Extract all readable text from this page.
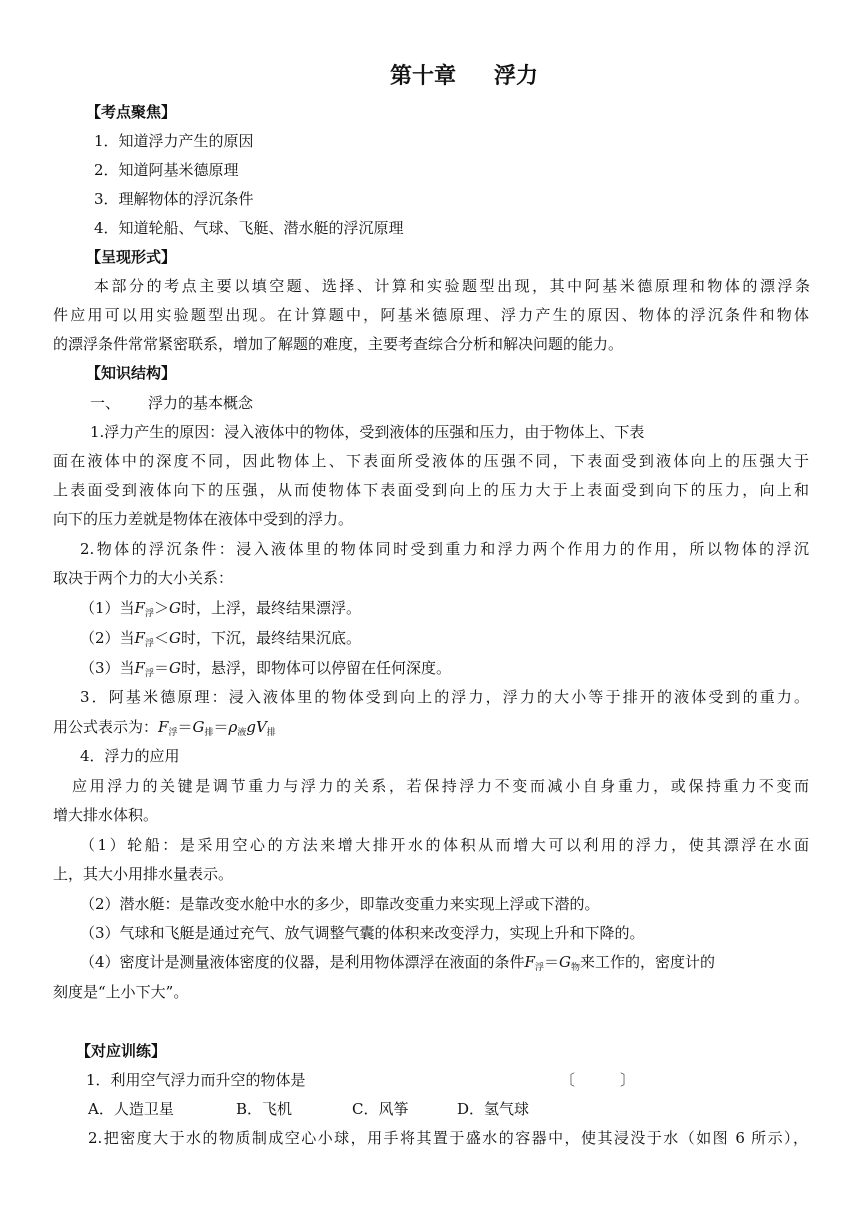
第十章 浮力
【考点聚焦】
1．知道浮力产生的原因
2．知道阿基米德原理
3．理解物体的浮沉条件
4．知道轮船、气球、飞艇、潜水艇的浮沉原理
【呈现形式】
本部分的考点主要以填空题、选择、计算和实验题型出现，其中阿基米德原理和物体的漂浮条
件应用可以用实验题型出现。在计算题中，阿基米德原理、浮力产生的原因、物体的浮沉条件和物体
的漂浮条件常常紧密联系，增加了解题的难度，主要考查综合分析和解决问题的能力。
【知识结构】
一、 浮力的基本概念
1.浮力产生的原因：浸入液体中的物体，受到液体的压强和压力，由于物体上、下表
面在液体中的深度不同，因此物体上、下表面所受液体的压强不同，下表面受到液体向上的压强大于
上表面受到液体向下的压强，从而使物体下表面受到向上的压力大于上表面受到向下的压力，向上和
向下的压力差就是物体在液体中受到的浮力。
2.物体的浮沉条件：浸入液体里的物体同时受到重力和浮力两个作用力的作用，所以物体的浮沉
取决于两个力的大小关系：
（1）当$F_浮>G$时，上浮，最终结果漂浮。
（2）当$F_浮<G$时，下沉，最终结果沉底。
（3）当$F_浮=G$时，悬浮，即物体可以停留在任何深度。
3．阿基米德原理：浸入液体里的物体受到向上的浮力，浮力的大小等于排开的液体受到的重力。
用公式表示为：$F_浮=G_排=\rho_液gV_排$
4．浮力的应用
应用浮力的关键是调节重力与浮力的关系，若保持浮力不变而减小自身重力，或保持重力不变而
增大排水体积。
（1）轮船：是采用空心的方法来增大排开水的体积从而增大可以利用的浮力，使其漂浮在水面
上，其大小用排水量表示。
（2）潜水艇：是靠改变水舱中水的多少，即靠改变重力来实现上浮或下潜的。
（3）气球和飞艇是通过充气、放气调整气囊的体积来改变浮力，实现上升和下降的。
（4）密度计是测量液体密度的仪器，是利用物体漂浮在液面的条件$F_浮=G_物$来工作的，密度计的
刻度是“上小下大”。
【对应训练】
1．利用空气浮力而升空的物体是	〔　　　〕
A．人造卫星	B．飞机	C．风筝	D．氢气球
2.把密度大于水的物质制成空心小球，用手将其置于盛水的容器中，使其浸没于水（如图 6 所示），
